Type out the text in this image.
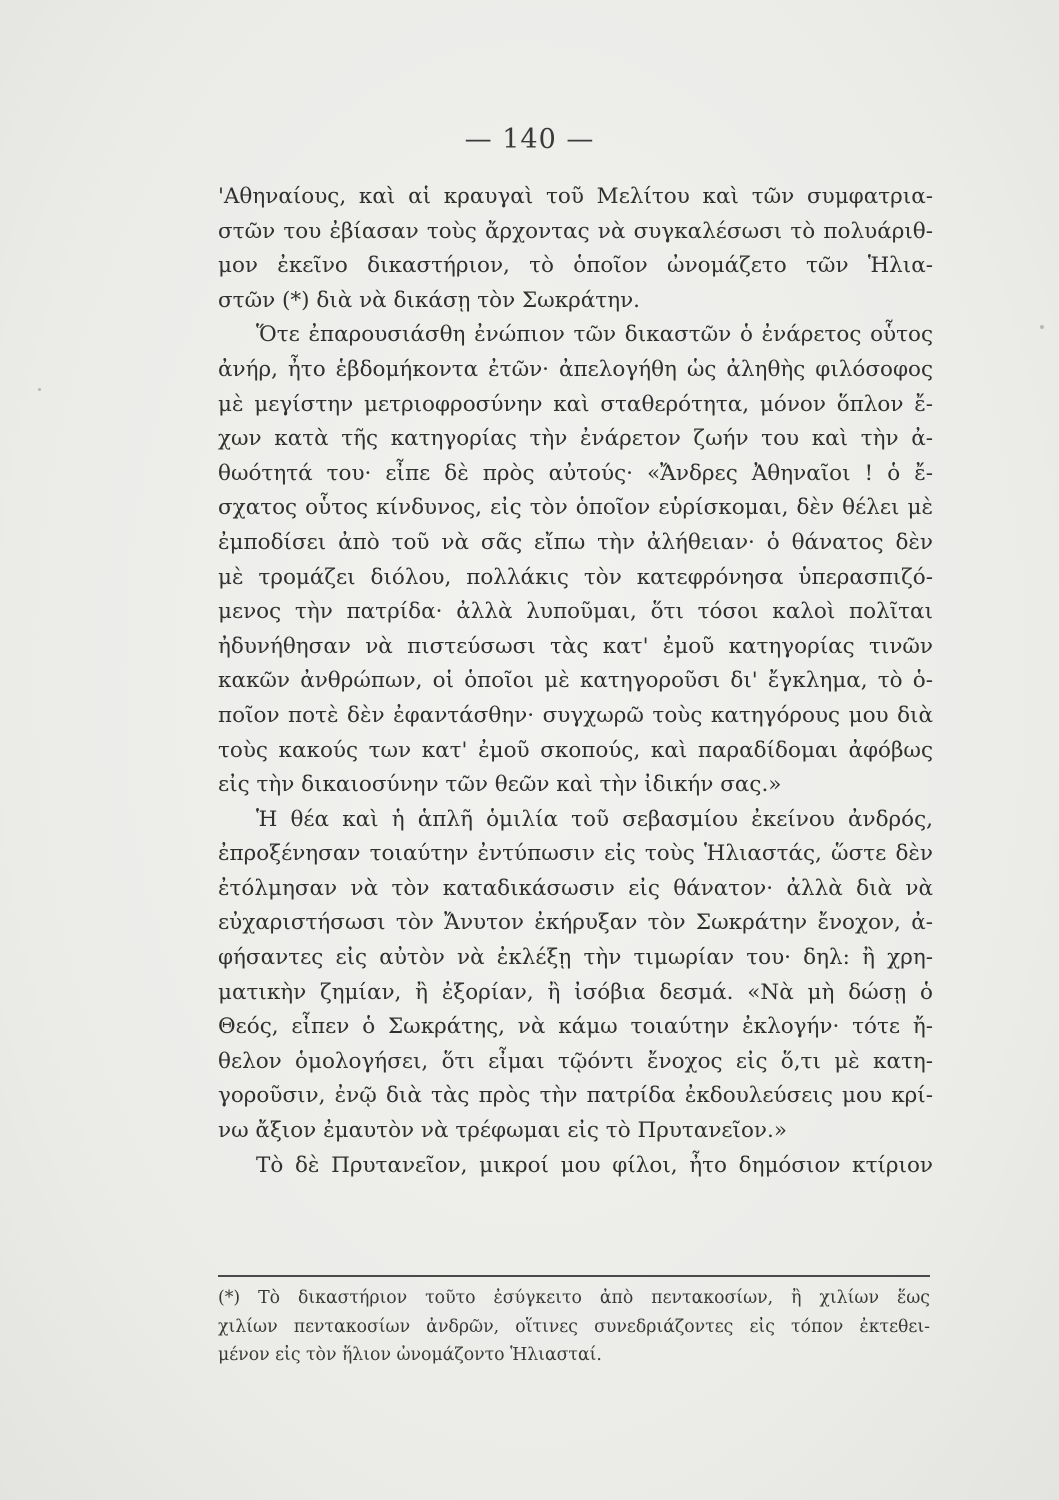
— 140 —
'Αθηναίους, καὶ αἱ κραυγαὶ τοῦ Μελίτου καὶ τῶν συμφατρια-
στῶν του ἐβίασαν τοὺς ἄρχοντας νὰ συγκαλέσωσι τὸ πολυάριθ-
μον ἐκεῖνο δικαστήριον, τὸ ὁποῖον ὠνομάζετο τῶν Ἡλια-
στῶν (*) διὰ νὰ δικάσῃ τὸν Σωκράτην.
Ὅτε ἐπαρουσιάσθη ἐνώπιον τῶν δικαστῶν ὁ ἐνάρετος οὗτος
ἀνήρ, ἦτο ἑβδομήκοντα ἐτῶν· ἀπελογήθη ὡς ἀληθὴς φιλόσοφος
μὲ μεγίστην μετριοφροσύνην καὶ σταθερότητα, μόνον ὅπλον ἔ-
χων κατὰ τῆς κατηγορίας τὴν ἐνάρετον ζωήν του καὶ τὴν ἀ-
θωότητά του· εἶπε δὲ πρὸς αὐτούς· «Ἄνδρες Ἀθηναῖοι ! ὁ ἔ-
σχατος οὗτος κίνδυνος, εἰς τὸν ὁποῖον εὑρίσκομαι, δὲν θέλει μὲ
ἐμποδίσει ἀπὸ τοῦ νὰ σᾶς εἴπω τὴν ἀλήθειαν· ὁ θάνατος δὲν
μὲ τρομάζει διόλου, πολλάκις τὸν κατεφρόνησα ὑπερασπιζό-
μενος τὴν πατρίδα· ἀλλὰ λυποῦμαι, ὅτι τόσοι καλοὶ πολῖται
ἠδυνήθησαν νὰ πιστεύσωσι τὰς κατ' ἐμοῦ κατηγορίας τινῶν
κακῶν ἀνθρώπων, οἱ ὁποῖοι μὲ κατηγοροῦσι δι' ἔγκλημα, τὸ ὁ-
ποῖον ποτὲ δὲν ἐφαντάσθην· συγχωρῶ τοὺς κατηγόρους μου διὰ
τοὺς κακούς των κατ' ἐμοῦ σκοπούς, καὶ παραδίδομαι ἀφόβως
εἰς τὴν δικαιοσύνην τῶν θεῶν καὶ τὴν ἰδικήν σας.»
Ἡ θέα καὶ ἡ ἁπλῆ ὁμιλία τοῦ σεβασμίου ἐκείνου ἀνδρός,
ἐπροξένησαν τοιαύτην ἐντύπωσιν εἰς τοὺς Ἡλιαστάς, ὥστε δὲν
ἐτόλμησαν νὰ τὸν καταδικάσωσιν εἰς θάνατον· ἀλλὰ διὰ νὰ
εὐχαριστήσωσι τὸν Ἄνυτον ἐκήρυξαν τὸν Σωκράτην ἔνοχον, ἀ-
φήσαντες εἰς αὐτὸν νὰ ἐκλέξῃ τὴν τιμωρίαν του· δηλ: ἢ χρη-
ματικὴν ζημίαν, ἢ ἐξορίαν, ἢ ἰσόβια δεσμά. «Νὰ μὴ δώσῃ ὁ
Θεός, εἶπεν ὁ Σωκράτης, νὰ κάμω τοιαύτην ἐκλογήν· τότε ἤ-
θελον ὁμολογήσει, ὅτι εἶμαι τῷόντι ἔνοχος εἰς ὅ,τι μὲ κατη-
γοροῦσιν, ἐνῷ διὰ τὰς πρὸς τὴν πατρίδα ἐκδουλεύσεις μου κρί-
νω ἄξιον ἐμαυτὸν νὰ τρέφωμαι εἰς τὸ Πρυτανεῖον.»
Τὸ δὲ Πρυτανεῖον, μικροί μου φίλοι, ἦτο δημόσιον κτίριον
(*) Τὸ δικαστήριον τοῦτο ἐσύγκειτο ἀπὸ πεντακοσίων, ἢ χιλίων ἕως
χιλίων πεντακοσίων ἀνδρῶν, οἵτινες συνεδριάζοντες εἰς τόπον ἐκτεθει-
μένον εἰς τὸν ἥλιον ὠνομάζοντο Ἡλιασταί.
